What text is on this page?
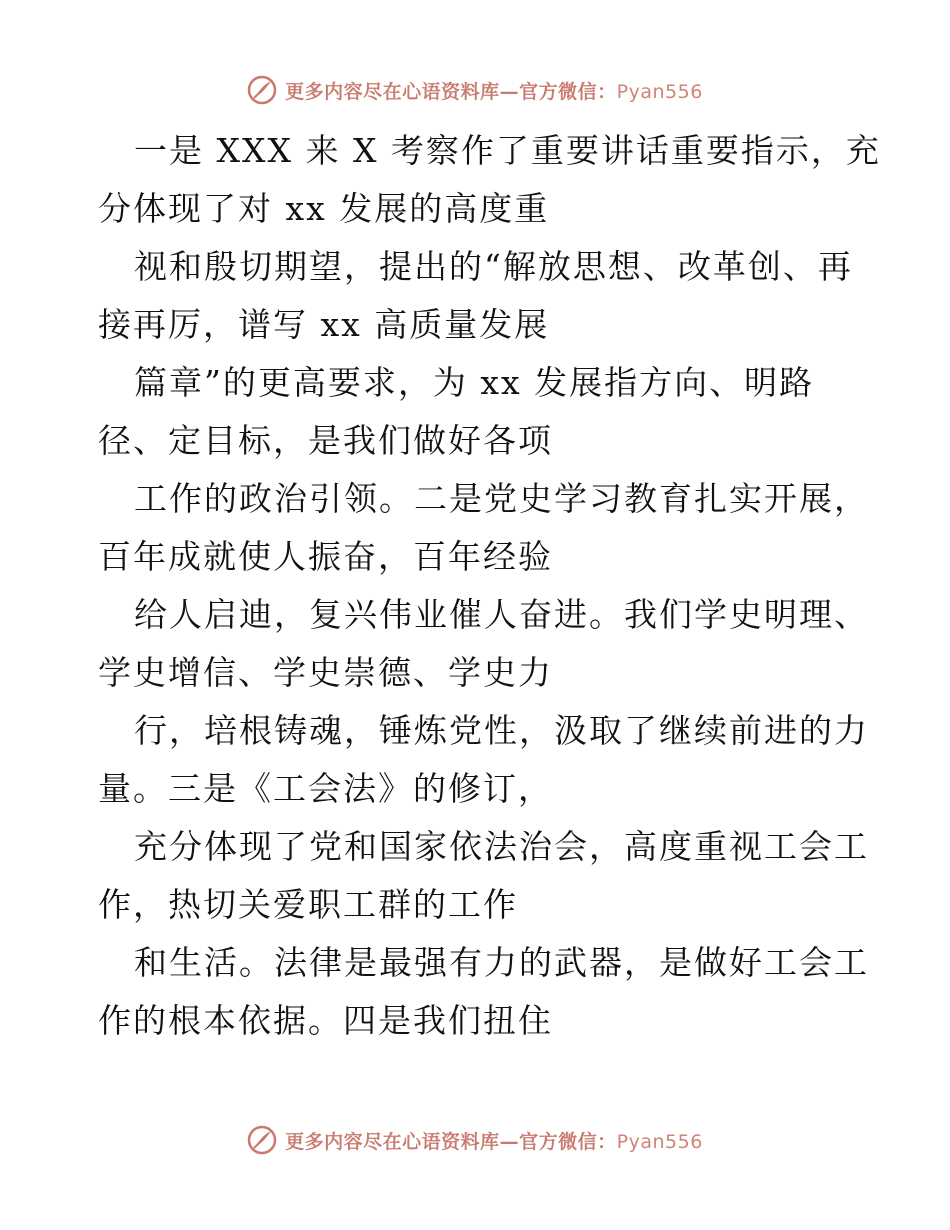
更多内容尽在心语资料库—官方微信：Pyan556
一是 XXX 来 X 考察作了重要讲话重要指示，充
分体现了对 xx 发展的高度重
视和殷切期望，提出的“解放思想、改革创、再
接再厉，谱写 xx 高质量发展
篇章”的更高要求，为 xx 发展指方向、明路
径、定目标，是我们做好各项
工作的政治引领。二是党史学习教育扎实开展，
百年成就使人振奋，百年经验
给人启迪，复兴伟业催人奋进。我们学史明理、
学史增信、学史崇德、学史力
行，培根铸魂，锤炼党性，汲取了继续前进的力
量。三是《工会法》的修订，
充分体现了党和国家依法治会，高度重视工会工
作，热切关爱职工群的工作
和生活。法律是最强有力的武器，是做好工会工
作的根本依据。四是我们扭住
更多内容尽在心语资料库—官方微信：Pyan556
